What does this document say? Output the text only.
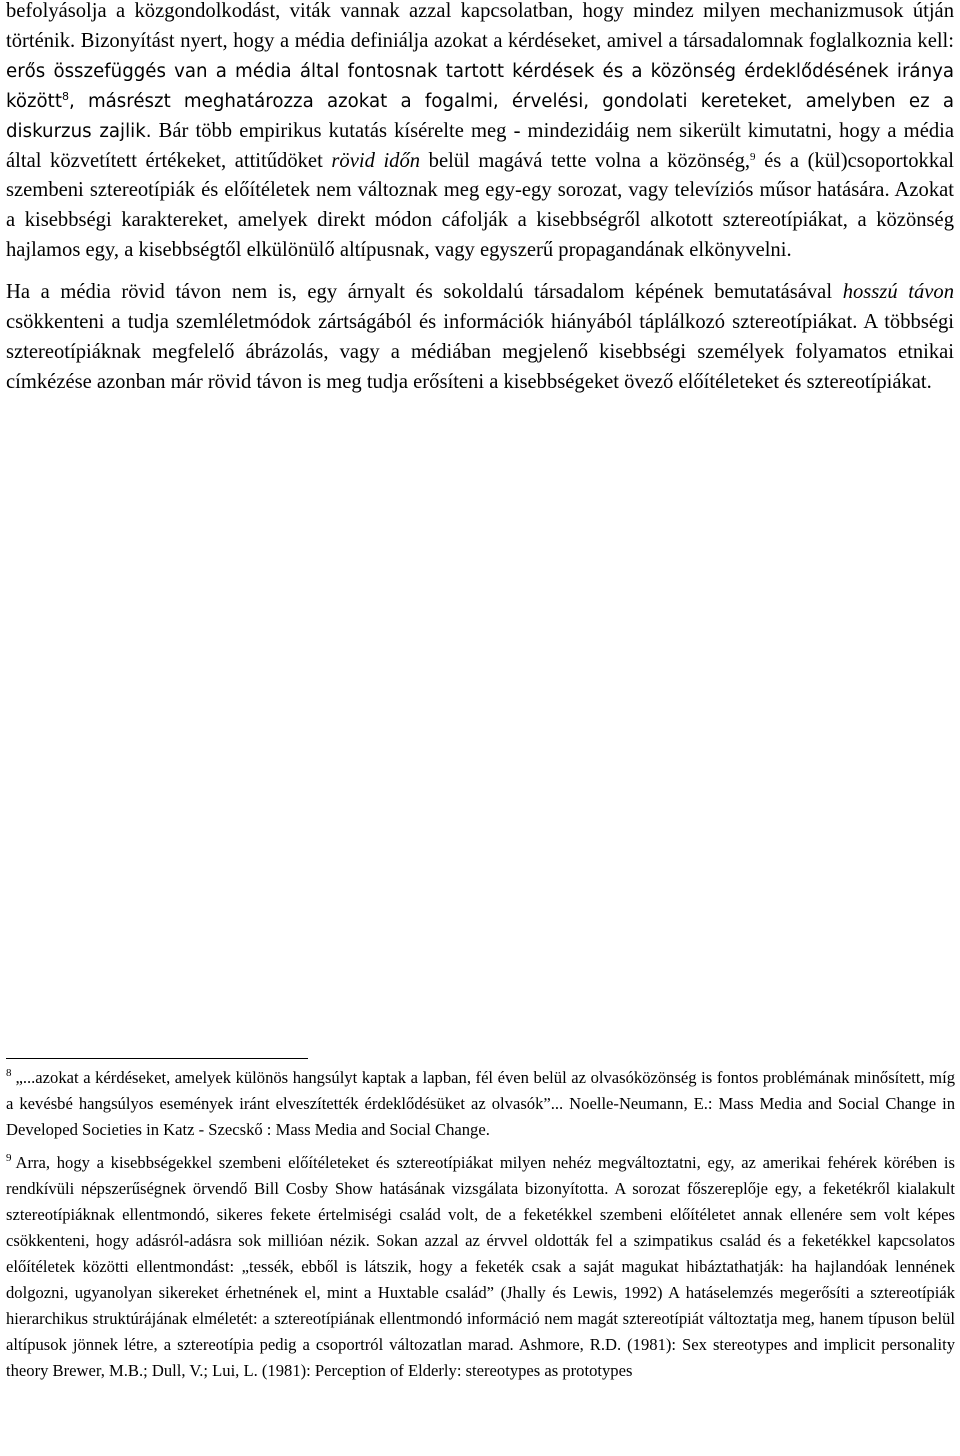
befolyásolja a közgondolkodást, viták vannak azzal kapcsolatban, hogy mindez milyen mechanizmusok útján történik. Bizonyítást nyert, hogy a média definiálja azokat a kérdéseket, amivel a társadalomnak foglalkoznia kell: erős összefüggés van a média által fontosnak tartott kérdések és a közönség érdeklődésének iránya között$^8$, másrészt meghatározza azokat a fogalmi, érvelési, gondolati kereteket, amelyben ez a diskurzus zajlik. Bár több empirikus kutatás kísérelte meg - mindezidáig nem sikerült kimutatni, hogy a média által közvetített értékeket, attitűdöket rövid időn belül magává tette volna a közönség,$^9$ és a (kül)csoportokkal szembeni sztereotípiák és előítéletek nem változnak meg egy-egy sorozat, vagy televíziós műsor hatására. Azokat a kisebbségi karaktereket, amelyek direkt módon cáfolják a kisebbségről alkotott sztereotípiákat, a közönség hajlamos egy, a kisebbségtől elkülönülő altípusnak, vagy egyszerű propagandának elkönyvelni.

Ha a média rövid távon nem is, egy árnyalt és sokoldalú társadalom képének bemutatásával hosszú távon csökkenteni a tudja szemléletmódok zártságából és információk hiányából táplálkozó sztereotípiákat. A többségi sztereotípiáknak megfelelő ábrázolás, vagy a médiában megjelenő kisebbségi személyek folyamatos etnikai címkézése azonban már rövid távon is meg tudja erősíteni a kisebbségeket övező előítéleteket és sztereotípiákat.

$^8$ „...azokat a kérdéseket, amelyek különös hangsúlyt kaptak a lapban, fél éven belül az olvasóközönség is fontos problémának minősített, míg a kevésbé hangsúlyos események iránt elveszítették érdeklődésüket az olvasók”... Noelle-Neumann, E.: Mass Media and Social Change in Developed Societies in Katz - Szecskő : Mass Media and Social Change.

$^9$ Arra, hogy a kisebbségekkel szembeni előítéleteket és sztereotípiákat milyen nehéz megváltoztatni, egy, az amerikai fehérek körében is rendkívüli népszerűségnek örvendő Bill Cosby Show hatásának vizsgálata bizonyította. A sorozat főszereplője egy, a feketékről kialakult sztereotípiáknak ellentmondó, sikeres fekete értelmiségi család volt, de a feketékkel szembeni előítéletet annak ellenére sem volt képes csökkenteni, hogy adásról-adásra sok millióan nézik. Sokan azzal az érvvel oldották fel a szimpatikus család és a feketékkel kapcsolatos előítéletek közötti ellentmondást: „tessék, ebből is látszik, hogy a feketék csak a saját magukat hibáztathatják: ha hajlandóak lennének dolgozni, ugyanolyan sikereket érhetnének el, mint a Huxtable család” (Jhally és Lewis, 1992) A hatáselemzés megerősíti a sztereotípiák hierarchikus struktúrájának elméletét: a sztereotípiának ellentmondó információ nem magát sztereotípiát változtatja meg, hanem típuson belül altípusok jönnek létre, a sztereotípia pedig a csoportról változatlan marad. Ashmore, R.D. (1981): Sex stereotypes and implicit personality theory Brewer, M.B.; Dull, V.; Lui, L. (1981): Perception of Elderly: stereotypes as prototypes
